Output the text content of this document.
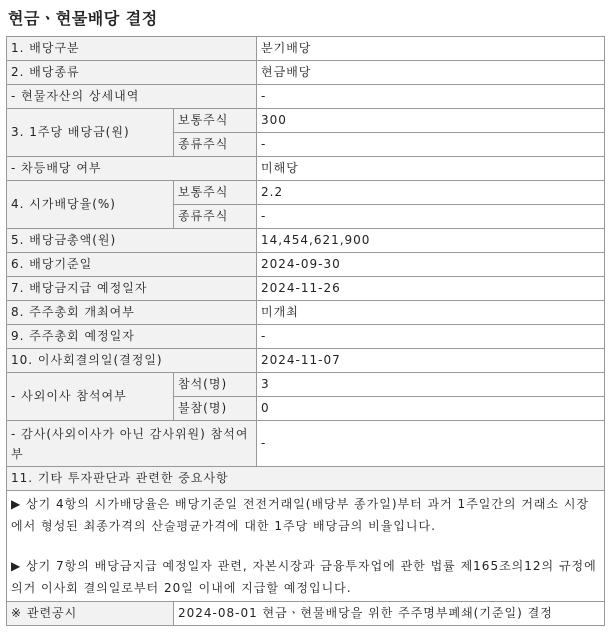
현금ㆍ현물배당 결정
1. 배당구분		분기배당
2. 배당종류		현금배당
- 현물자산의 상세내역		-
3. 1주당 배당금(원)	보통주식	300
	종류주식	-
- 차등배당 여부		미해당
4. 시가배당율(%)	보통주식	2.2
	종류주식	-
5. 배당금총액(원)		14,454,621,900
6. 배당기준일		2024-09-30
7. 배당금지급 예정일자		2024-11-26
8. 주주총회 개최여부		미개최
9. 주주총회 예정일자		-
10. 이사회결의일(결정일)		2024-11-07
- 사외이사 참석여부	참석(명)	3
	불참(명)	0
- 감사(사외이사가 아닌 감사위원) 참석여부		-
11. 기타 투자판단과 관련한 중요사항		

▶ 상기 4항의 시가배당율은 배당기준일 전전거래일(배당부 종가일)부터 과거 1주일간의 거래소 시장에서 형성된 최종가격의 산술평균가격에 대한 1주당 배당금의 비율입니다.

▶ 상기 7항의 배당금지급 예정일자 관련, 자본시장과 금융투자업에 관한 법률 제165조의12의 규정에 의거 이사회 결의일로부터 20일 이내에 지급할 예정입니다.		

※ 관련공시	2024-08-01 현금ㆍ현물배당을 위한 주주명부폐쇄(기준일) 결정	
